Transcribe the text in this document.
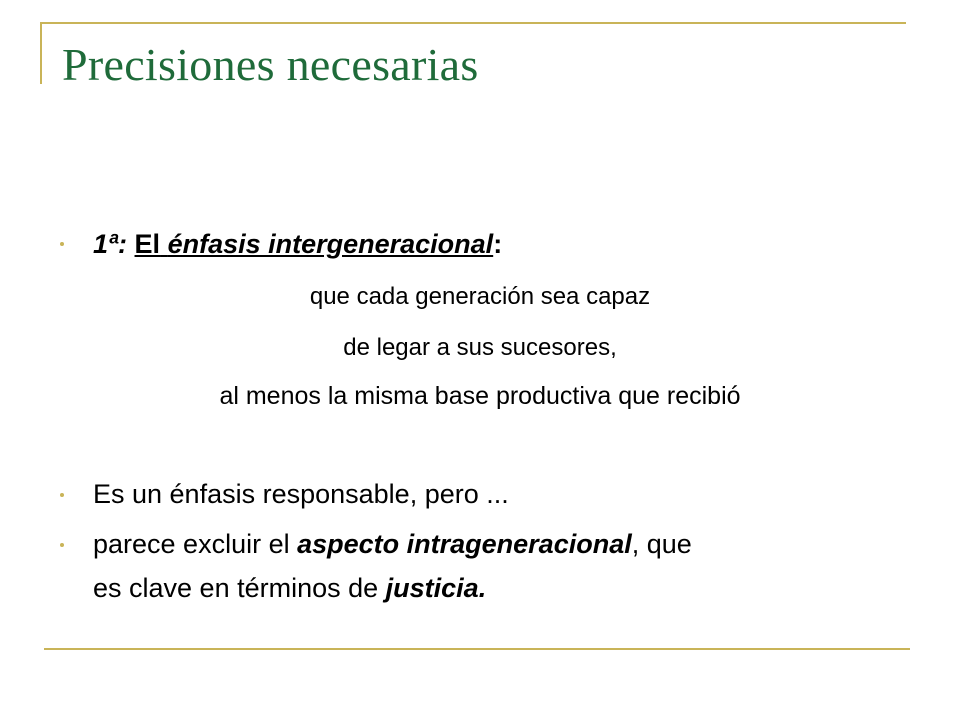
Precisiones necesarias
1ª: El énfasis intergeneracional:
que cada generación sea capaz
de legar a sus sucesores,
al menos la misma base productiva que recibió
Es un énfasis responsable, pero ...
parece excluir el aspecto intrageneracional, que
es clave en términos de justicia.
